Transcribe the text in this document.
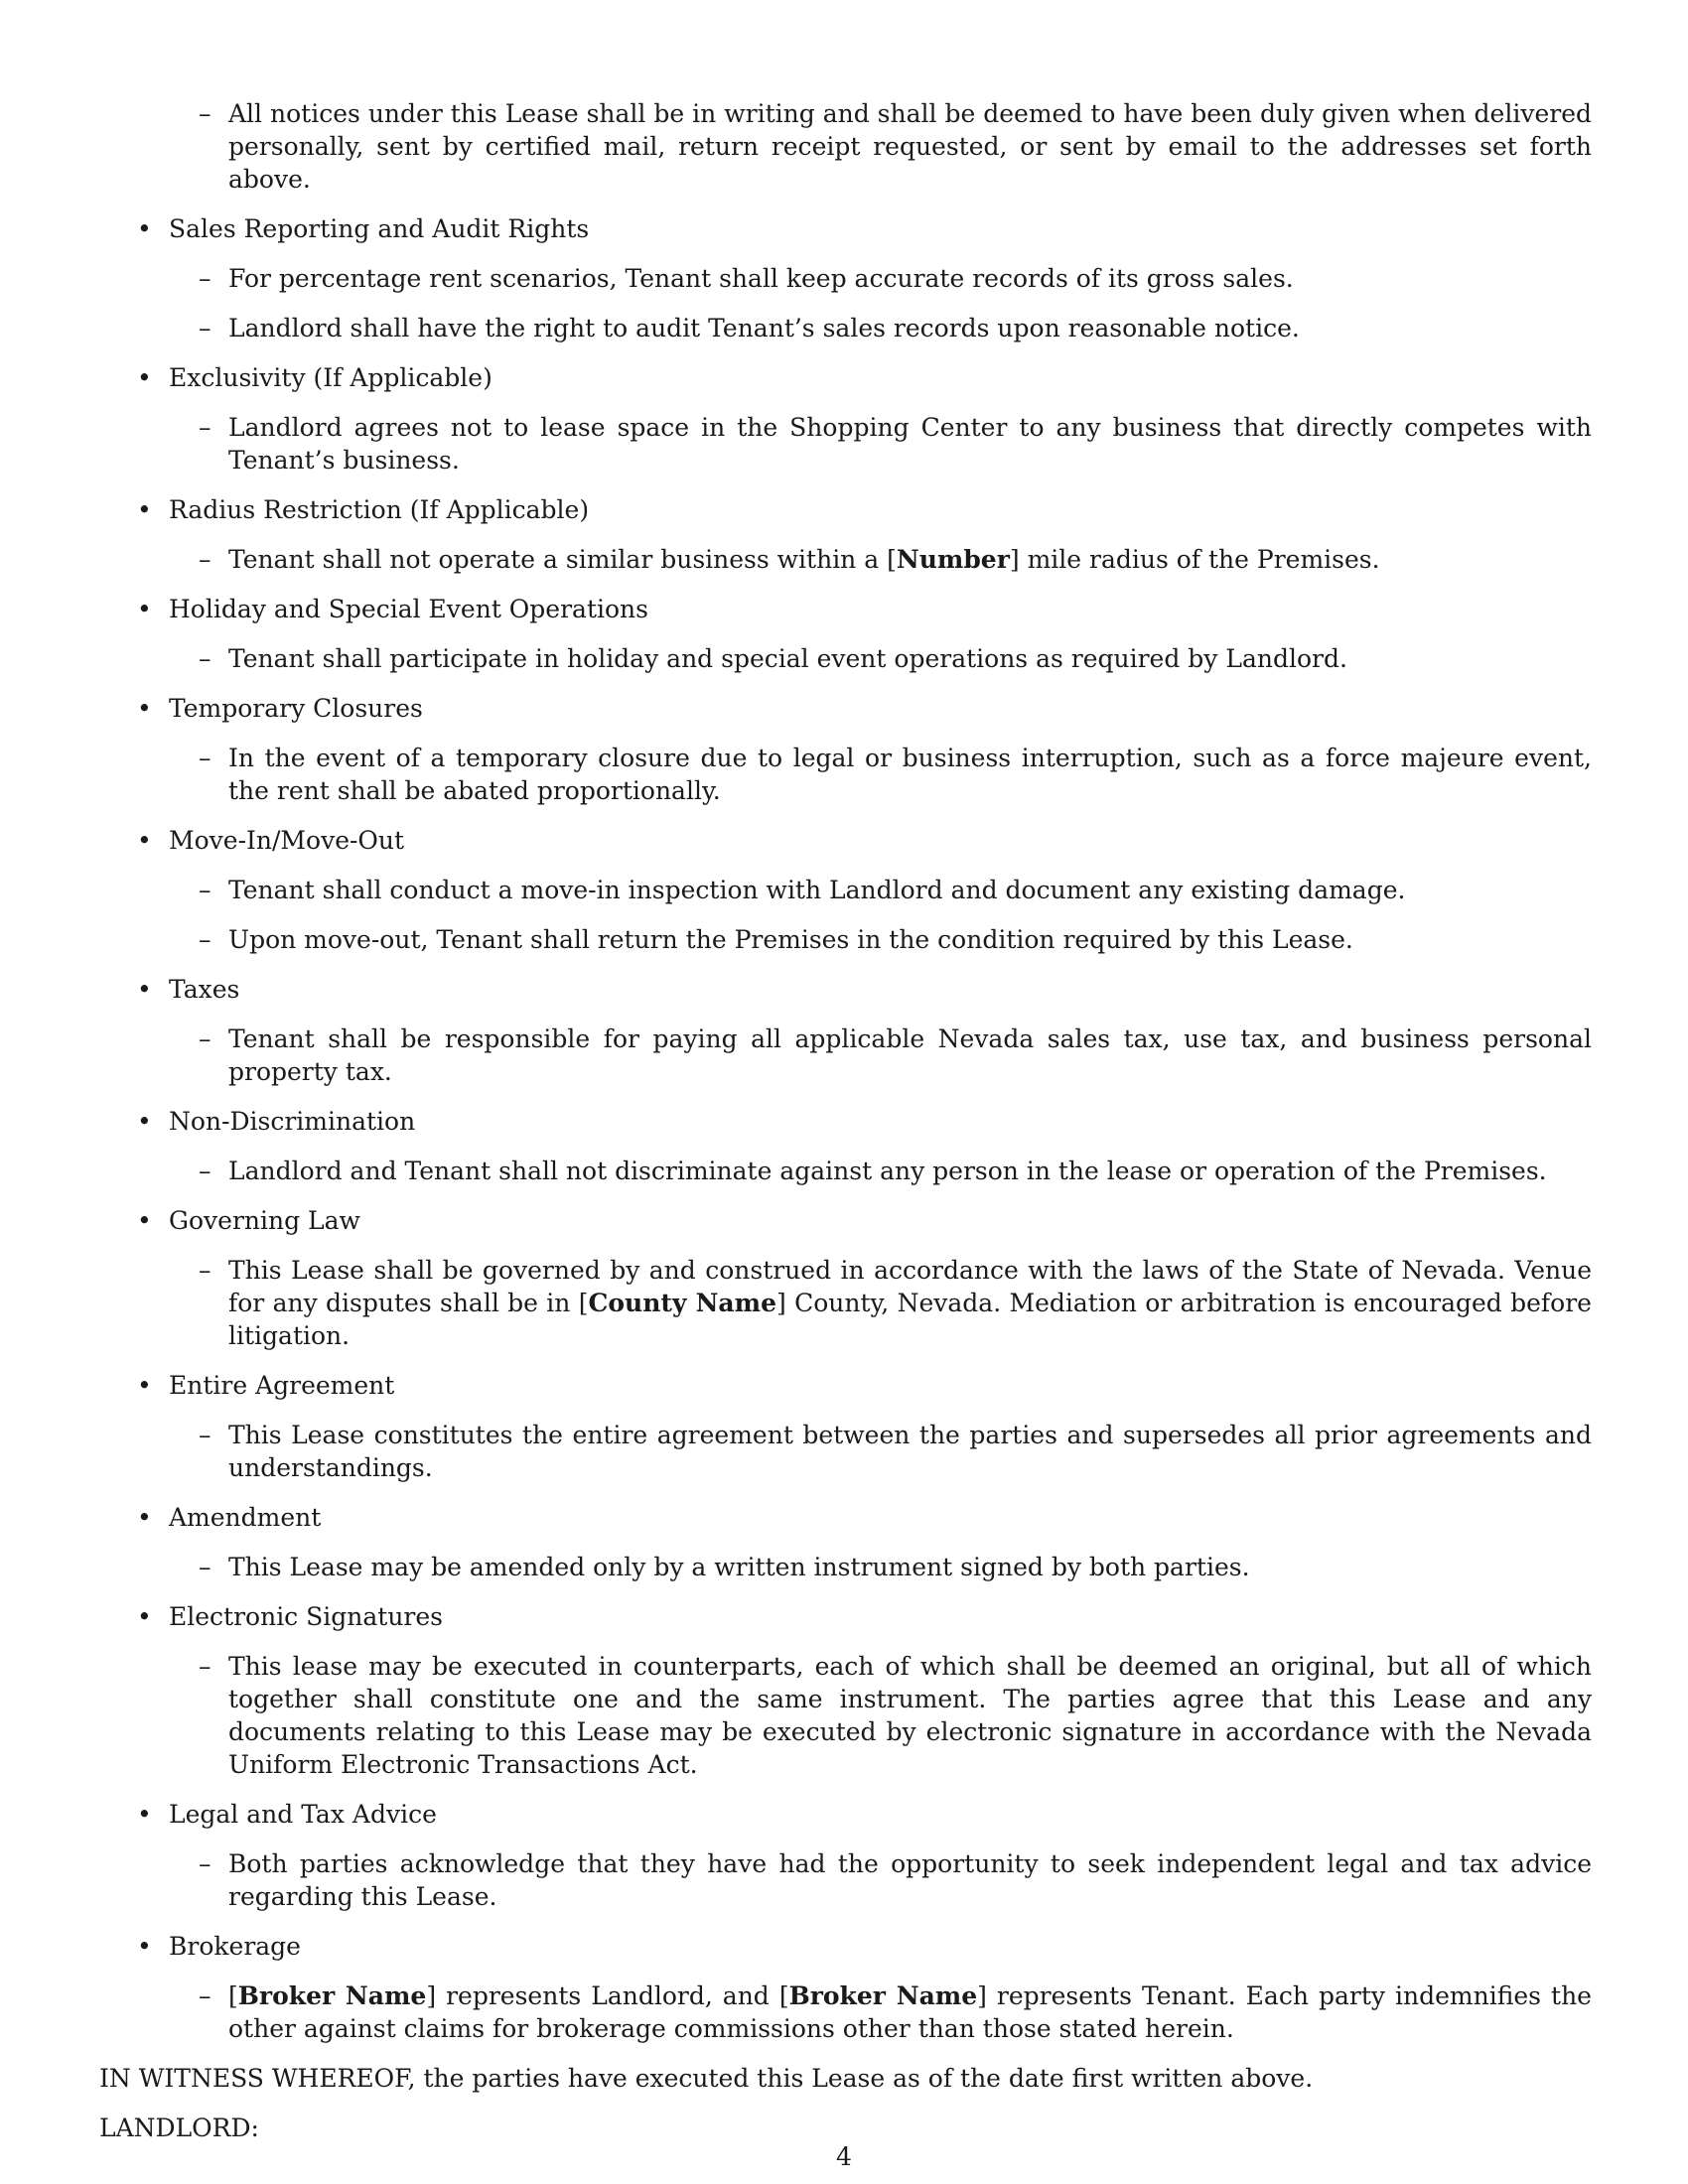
– All notices under this Lease shall be in writing and shall be deemed to have been duly given when delivered personally, sent by certified mail, return receipt requested, or sent by email to the addresses set forth above.
• Sales Reporting and Audit Rights
– For percentage rent scenarios, Tenant shall keep accurate records of its gross sales.
– Landlord shall have the right to audit Tenant’s sales records upon reasonable notice.
• Exclusivity (If Applicable)
– Landlord agrees not to lease space in the Shopping Center to any business that directly competes with Tenant’s business.
• Radius Restriction (If Applicable)
– Tenant shall not operate a similar business within a [Number] mile radius of the Premises.
• Holiday and Special Event Operations
– Tenant shall participate in holiday and special event operations as required by Landlord.
• Temporary Closures
– In the event of a temporary closure due to legal or business interruption, such as a force majeure event, the rent shall be abated proportionally.
• Move-In/Move-Out
– Tenant shall conduct a move-in inspection with Landlord and document any existing damage.
– Upon move-out, Tenant shall return the Premises in the condition required by this Lease.
• Taxes
– Tenant shall be responsible for paying all applicable Nevada sales tax, use tax, and business personal property tax.
• Non-Discrimination
– Landlord and Tenant shall not discriminate against any person in the lease or operation of the Premises.
• Governing Law
– This Lease shall be governed by and construed in accordance with the laws of the State of Nevada. Venue for any disputes shall be in [County Name] County, Nevada. Mediation or arbitration is encouraged before litigation.
• Entire Agreement
– This Lease constitutes the entire agreement between the parties and supersedes all prior agreements and understandings.
• Amendment
– This Lease may be amended only by a written instrument signed by both parties.
• Electronic Signatures
– This lease may be executed in counterparts, each of which shall be deemed an original, but all of which together shall constitute one and the same instrument. The parties agree that this Lease and any documents relating to this Lease may be executed by electronic signature in accordance with the Nevada Uniform Electronic Transactions Act.
• Legal and Tax Advice
– Both parties acknowledge that they have had the opportunity to seek independent legal and tax advice regarding this Lease.
• Brokerage
– [Broker Name] represents Landlord, and [Broker Name] represents Tenant. Each party indemnifies the other against claims for brokerage commissions other than those stated herein.

IN WITNESS WHEREOF, the parties have executed this Lease as of the date first written above.

LANDLORD:

4
